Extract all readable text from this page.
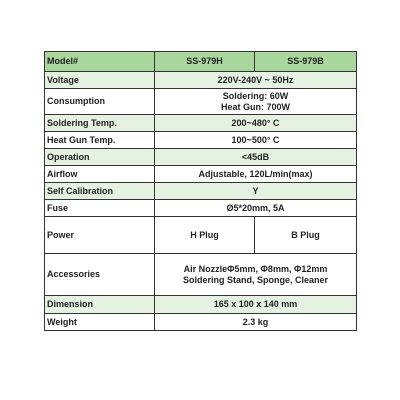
Model#	SS-979H	SS-979B
Voltage	220V-240V ~ 50Hz	
Consumption	Soldering: 60W
Heat Gun: 700W	

Soldering Temp.	200~480° C	
Heat Gun Temp.	100~500° C	
Operation	<45dB	
Airflow	Adjustable, 120L/min(max)	
Self Calibration	Y	
Fuse	Ø5*20mm, 5A	
Power	H Plug	B Plug
Accessories	Air NozzleΦ5mm, Φ8mm, Φ12mm
Soldering Stand, Sponge, Cleaner	

Dimension	165 x 100 x 140 mm	
Weight	2.3 kg	
